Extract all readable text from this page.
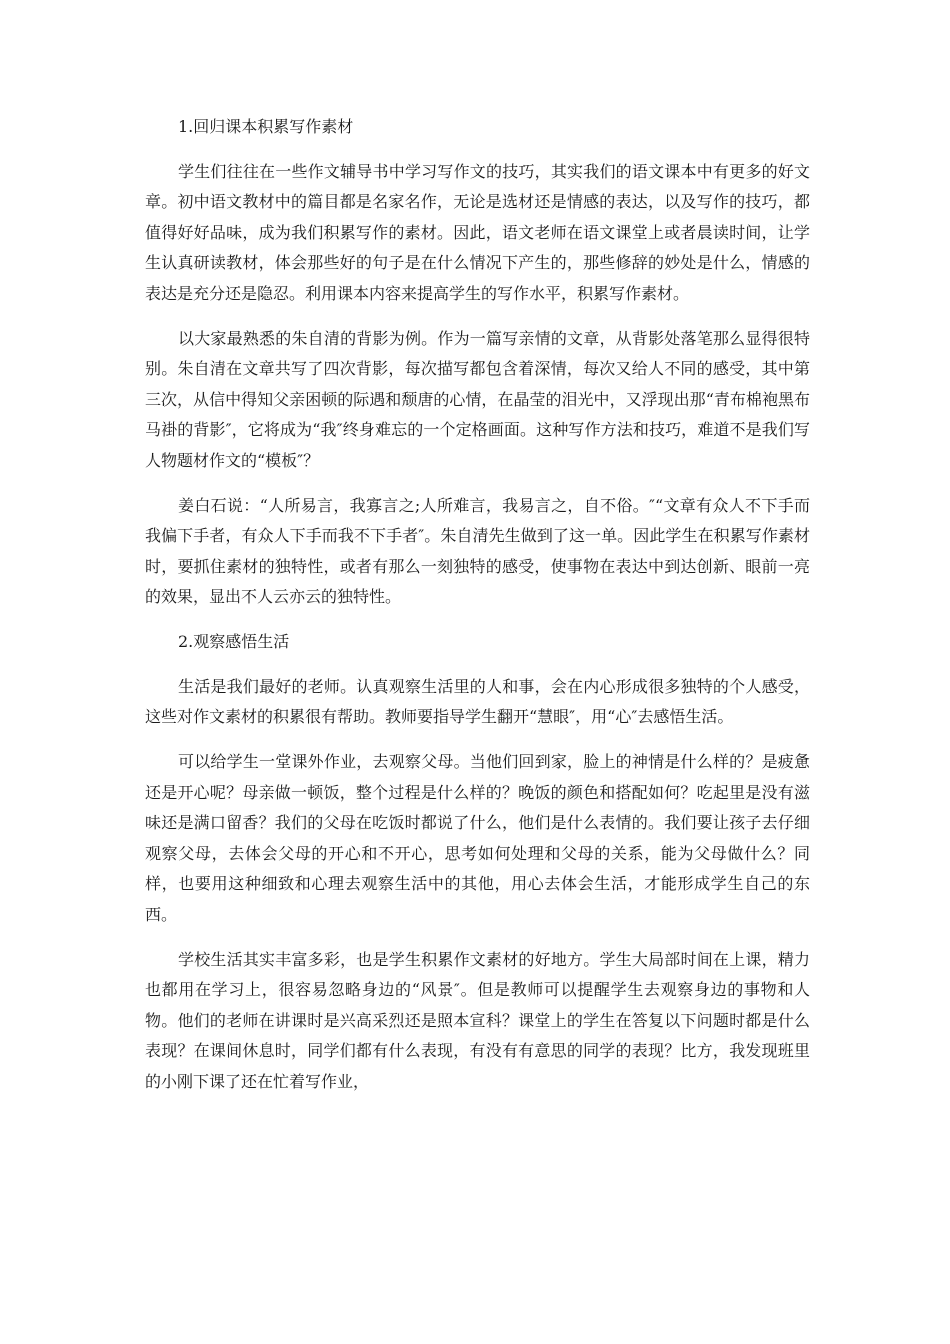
1.回归课本积累写作素材

学生们往往在一些作文辅导书中学习写作文的技巧，其实我们的语文课本中有更多的好文章。初中语文教材中的篇目都是名家名作，无论是选材还是情感的表达，以及写作的技巧，都值得好好品味，成为我们积累写作的素材。因此，语文老师在语文课堂上或者晨读时间，让学生认真研读教材，体会那些好的句子是在什么情况下产生的，那些修辞的妙处是什么，情感的表达是充分还是隐忍。利用课本内容来提高学生的写作水平，积累写作素材。

以大家最熟悉的朱自清的背影为例。作为一篇写亲情的文章，从背影处落笔那么显得很特别。朱自清在文章共写了四次背影，每次描写都包含着深情，每次又给人不同的感受，其中第三次，从信中得知父亲困顿的际遇和颓唐的心情，在晶莹的泪光中，又浮现出那“青布棉袍黑布马褂的背影″，它将成为“我″终身难忘的一个定格画面。这种写作方法和技巧，难道不是我们写人物题材作文的“模板″？

姜白石说：“人所易言，我寡言之;人所难言，我易言之，自不俗。″“文章有众人不下手而我偏下手者，有众人下手而我不下手者″。朱自清先生做到了这一单。因此学生在积累写作素材时，要抓住素材的独特性，或者有那么一刻独特的感受，使事物在表达中到达创新、眼前一亮的效果，显出不人云亦云的独特性。

2.观察感悟生活

生活是我们最好的老师。认真观察生活里的人和事，会在内心形成很多独特的个人感受，这些对作文素材的积累很有帮助。教师要指导学生翻开“慧眼″，用“心″去感悟生活。

可以给学生一堂课外作业，去观察父母。当他们回到家，脸上的神情是什么样的？是疲惫还是开心呢？母亲做一顿饭，整个过程是什么样的？晚饭的颜色和搭配如何？吃起里是没有滋味还是满口留香？我们的父母在吃饭时都说了什么，他们是什么表情的。我们要让孩子去仔细观察父母，去体会父母的开心和不开心，思考如何处理和父母的关系，能为父母做什么？同样，也要用这种细致和心理去观察生活中的其他，用心去体会生活，才能形成学生自己的东西。

学校生活其实丰富多彩，也是学生积累作文素材的好地方。学生大局部时间在上课，精力也都用在学习上，很容易忽略身边的“风景″。但是教师可以提醒学生去观察身边的事物和人物。他们的老师在讲课时是兴高采烈还是照本宣科？课堂上的学生在答复以下问题时都是什么表现？在课间休息时，同学们都有什么表现，有没有有意思的同学的表现？比方，我发现班里的小刚下课了还在忙着写作业，
